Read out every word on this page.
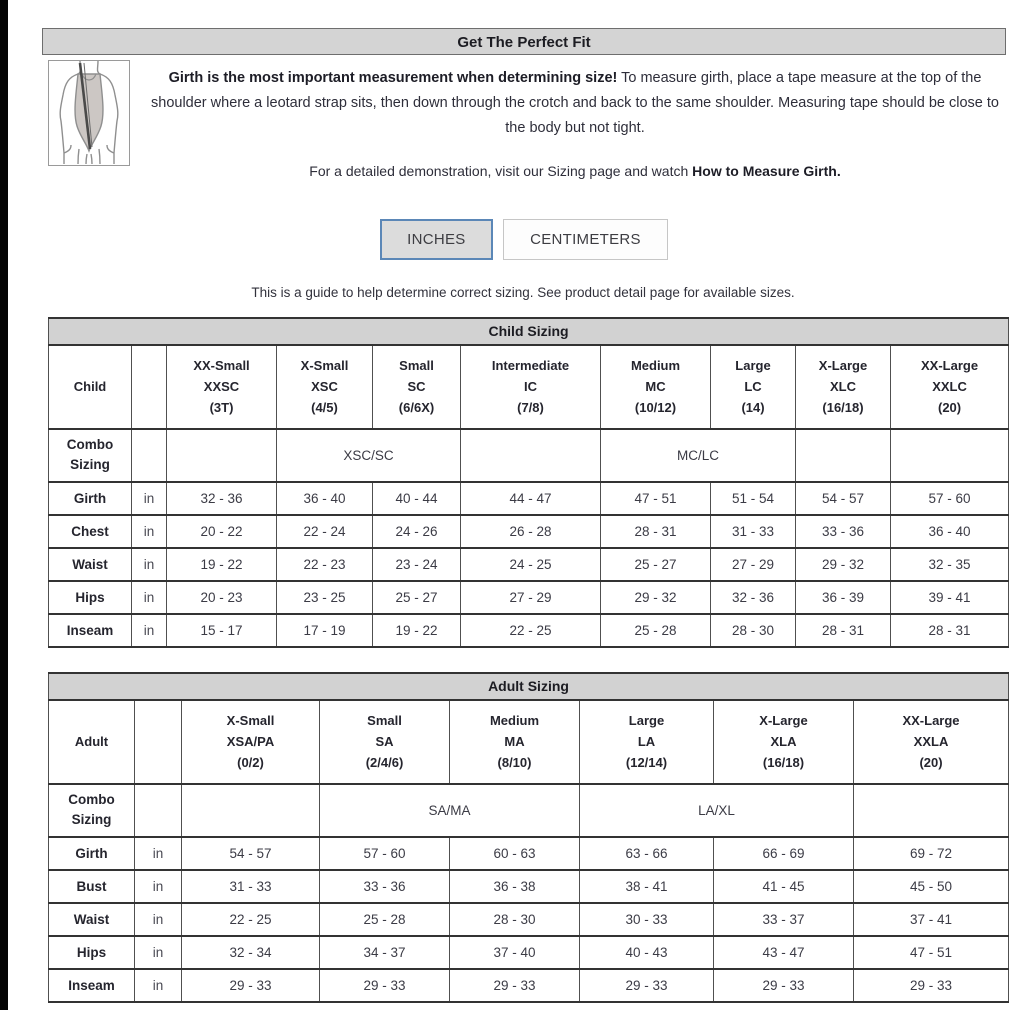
Get The Perfect Fit

Girth is the most important measurement when determining size! To measure girth, place a tape measure at the top of the shoulder where a leotard strap sits, then down through the crotch and back to the same shoulder. Measuring tape should be close to the body but not tight.

For a detailed demonstration, visit our Sizing page and watch How to Measure Girth.

INCHES	CENTIMETERS
This is a guide to help determine correct sizing. See product detail page for available sizes.
Child Sizing									
Child		XX-Small
XXSC
(3T)	X-Small
XSC
(4/5)	Small
SC
(6/6X)	Intermediate
IC
(7/8)	Medium
MC
(10/12)	Large
LC
(14)	X-Large
XLC
(16/18)	XX-Large
XXLC
(20)
Combo Sizing			XSC/SC			MC/LC			
Girth	in	32 - 36	36 - 40	40 - 44	44 - 47	47 - 51	51 - 54	54 - 57	57 - 60
Chest	in	20 - 22	22 - 24	24 - 26	26 - 28	28 - 31	31 - 33	33 - 36	36 - 40
Waist	in	19 - 22	22 - 23	23 - 24	24 - 25	25 - 27	27 - 29	29 - 32	32 - 35
Hips	in	20 - 23	23 - 25	25 - 27	27 - 29	29 - 32	32 - 36	36 - 39	39 - 41
Inseam	in	15 - 17	17 - 19	19 - 22	22 - 25	25 - 28	28 - 30	28 - 31	28 - 31
Adult Sizing							
Adult		X-Small
XSA/PA
(0/2)	Small
SA
(2/4/6)	Medium
MA
(8/10)	Large
LA
(12/14)	X-Large
XLA
(16/18)	XX-Large
XXLA
(20)
Combo Sizing			SA/MA		LA/XL		
Girth	in	54 - 57	57 - 60	60 - 63	63 - 66	66 - 69	69 - 72
Bust	in	31 - 33	33 - 36	36 - 38	38 - 41	41 - 45	45 - 50
Waist	in	22 - 25	25 - 28	28 - 30	30 - 33	33 - 37	37 - 41
Hips	in	32 - 34	34 - 37	37 - 40	40 - 43	43 - 47	47 - 51
Inseam	in	29 - 33	29 - 33	29 - 33	29 - 33	29 - 33	29 - 33
